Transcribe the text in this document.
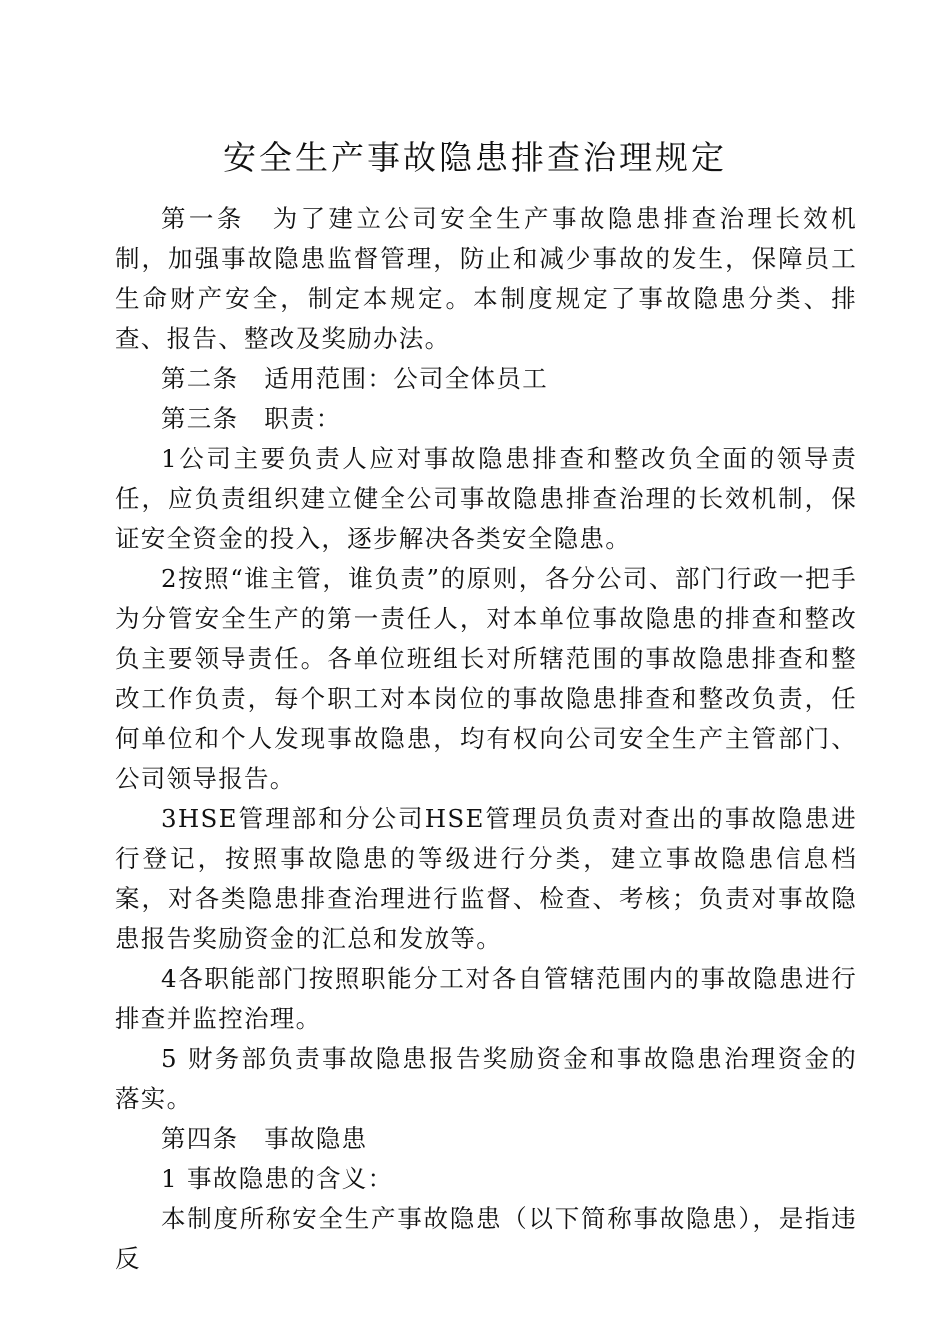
安全生产事故隐患排查治理规定

第一条　为了建立公司安全生产事故隐患排查治理长效机制，加强事故隐患监督管理，防止和减少事故的发生，保障员工生命财产安全，制定本规定。本制度规定了事故隐患分类、排查、报告、整改及奖励办法。

第二条　适用范围：公司全体员工

第三条　职责：

1公司主要负责人应对事故隐患排查和整改负全面的领导责任，应负责组织建立健全公司事故隐患排查治理的长效机制，保证安全资金的投入，逐步解决各类安全隐患。

2按照“谁主管，谁负责”的原则，各分公司、部门行政一把手为分管安全生产的第一责任人，对本单位事故隐患的排查和整改负主要领导责任。各单位班组长对所辖范围的事故隐患排查和整改工作负责，每个职工对本岗位的事故隐患排查和整改负责，任何单位和个人发现事故隐患，均有权向公司安全生产主管部门、公司领导报告。

3HSE管理部和分公司HSE管理员负责对查出的事故隐患进行登记，按照事故隐患的等级进行分类，建立事故隐患信息档案，对各类隐患排查治理进行监督、检查、考核；负责对事故隐患报告奖励资金的汇总和发放等。

4各职能部门按照职能分工对各自管辖范围内的事故隐患进行排查并监控治理。

5 财务部负责事故隐患报告奖励资金和事故隐患治理资金的落实。

第四条　事故隐患

1 事故隐患的含义：

本制度所称安全生产事故隐患（以下简称事故隐患），是指违反
